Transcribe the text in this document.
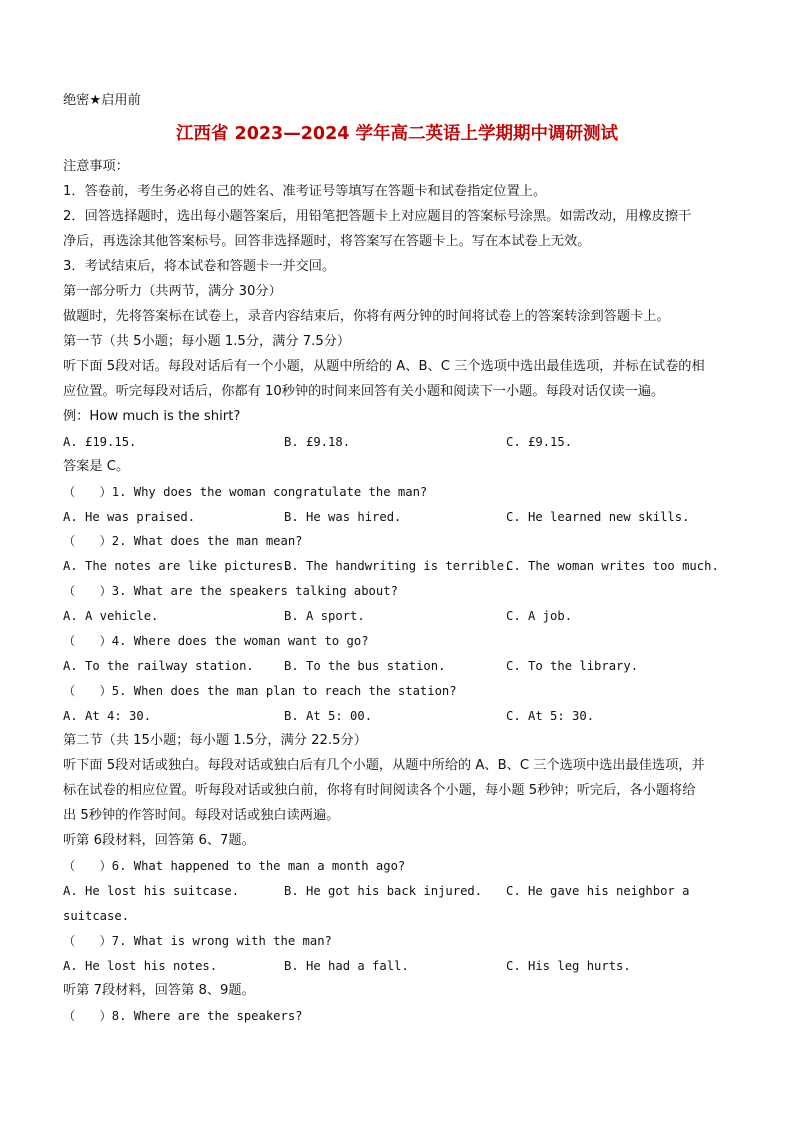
绝密★启用前
江西省 2023—2024 学年高二英语上学期期中调研测试
注意事项：
1．答卷前，考生务必将自己的姓名、准考证号等填写在答题卡和试卷指定位置上。
2．回答选择题时，选出每小题答案后，用铅笔把答题卡上对应题目的答案标号涂黑。如需改动，用橡皮擦干
净后，再选涂其他答案标号。回答非选择题时，将答案写在答题卡上。写在本试卷上无效。
3．考试结束后，将本试卷和答题卡一并交回。
第一部分听力（共两节，满分 30分）
做题时，先将答案标在试卷上，录音内容结束后，你将有两分钟的时间将试卷上的答案转涂到答题卡上。
第一节（共 5小题；每小题 1.5分，满分 7.5分）
听下面 5段对话。每段对话后有一个小题，从题中所给的 A、B、C 三个选项中选出最佳选项，并标在试卷的相
应位置。听完每段对话后，你都有 10秒钟的时间来回答有关小题和阅读下一小题。每段对话仅读一遍。
例：How much is the shirt?
A. £19.15.	B. £9.18.	C. £9.15.
答案是 C。
（　　）1. Why does the woman congratulate the man?
A. He was praised.	B. He was hired.	C. He learned new skills.
（　　）2. What does the man mean?
A. The notes are like pictures.
B. The handwriting is terrible.
C. The woman writes too much.
（　　）3. What are the speakers talking about?
A. A vehicle.	B. A sport.	C. A job.
（　　）4. Where does the woman want to go?
A. To the railway station. B. To the bus station.	C. To the library.
（　　）5. When does the man plan to reach the station?
A. At 4: 30.	B. At 5: 00.	C. At 5: 30.
第二节（共 15小题；每小题 1.5分，满分 22.5分）
听下面 5段对话或独白。每段对话或独白后有几个小题，从题中所给的 A、B、C 三个选项中选出最佳选项，并
标在试卷的相应位置。听每段对话或独白前，你将有时间阅读各个小题，每小题 5秒钟；听完后，各小题将给
出 5秒钟的作答时间。每段对话或独白读两遍。
听第 6段材料，回答第 6、7题。
（　　）6. What happened to the man a month ago?
A. He lost his suitcase.	B. He got his back injured. C. He gave his neighbor a
suitcase.
（　　）7. What is wrong with the man?
A. He lost his notes.	B. He had a fall.	C. His leg hurts.
听第 7段材料，回答第 8、9题。
（　　）8. Where are the speakers?
